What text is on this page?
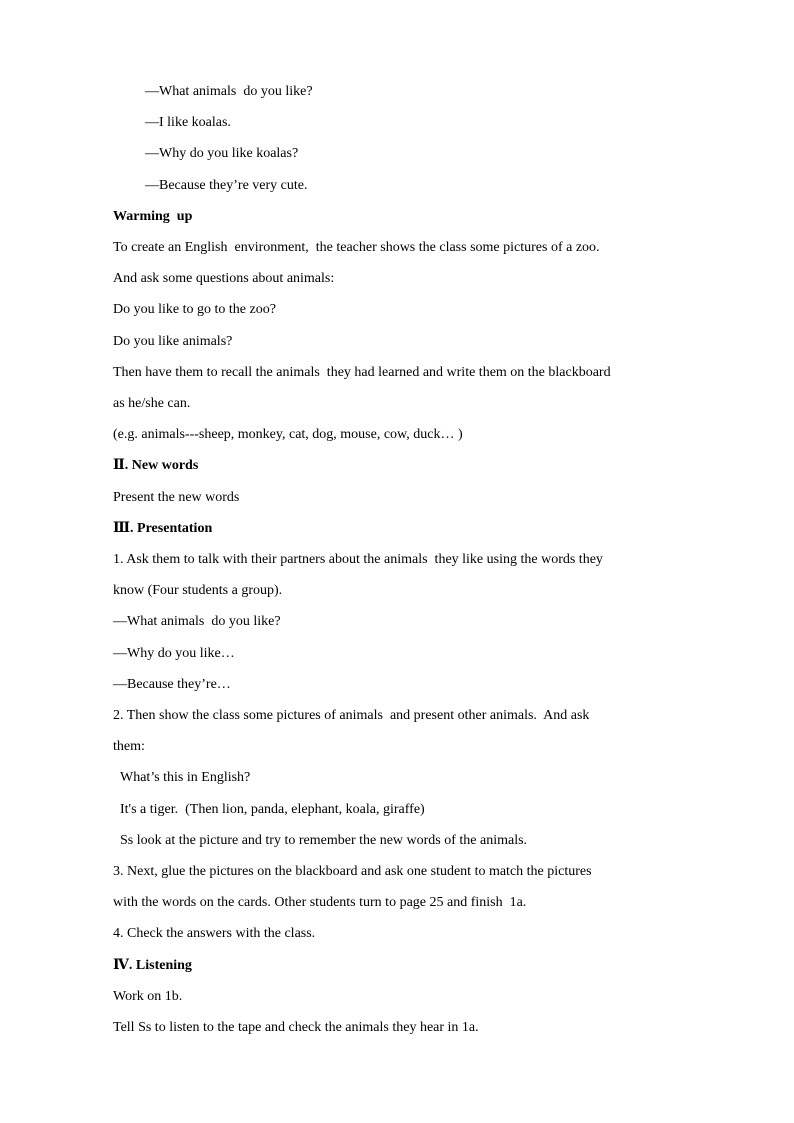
—What animals  do you like?
—I like koalas.
—Why do you like koalas?
—Because they’re very cute.
Warming  up
To create an English  environment,  the teacher shows the class some pictures of a zoo.
And ask some questions about animals:
Do you like to go to the zoo?
Do you like animals?
Then have them to recall the animals  they had learned and write them on the blackboard
as he/she can.
(e.g. animals---sheep, monkey, cat, dog, mouse, cow, duck… )
Ⅱ. New words
Present the new words
Ⅲ. Presentation
1. Ask them to talk with their partners about the animals  they like using the words they
know (Four students a group).
—What animals  do you like?
—Why do you like…
—Because they’re…
2. Then show the class some pictures of animals  and present other animals.  And ask
them:
What’s this in English?
It's a tiger.  (Then lion, panda, elephant, koala, giraffe)
Ss look at the picture and try to remember the new words of the animals.
3. Next, glue the pictures on the blackboard and ask one student to match the pictures
with the words on the cards. Other students turn to page 25 and finish  1a.
4. Check the answers with the class.
Ⅳ. Listening
Work on 1b.
Tell Ss to listen to the tape and check the animals they hear in 1a.
